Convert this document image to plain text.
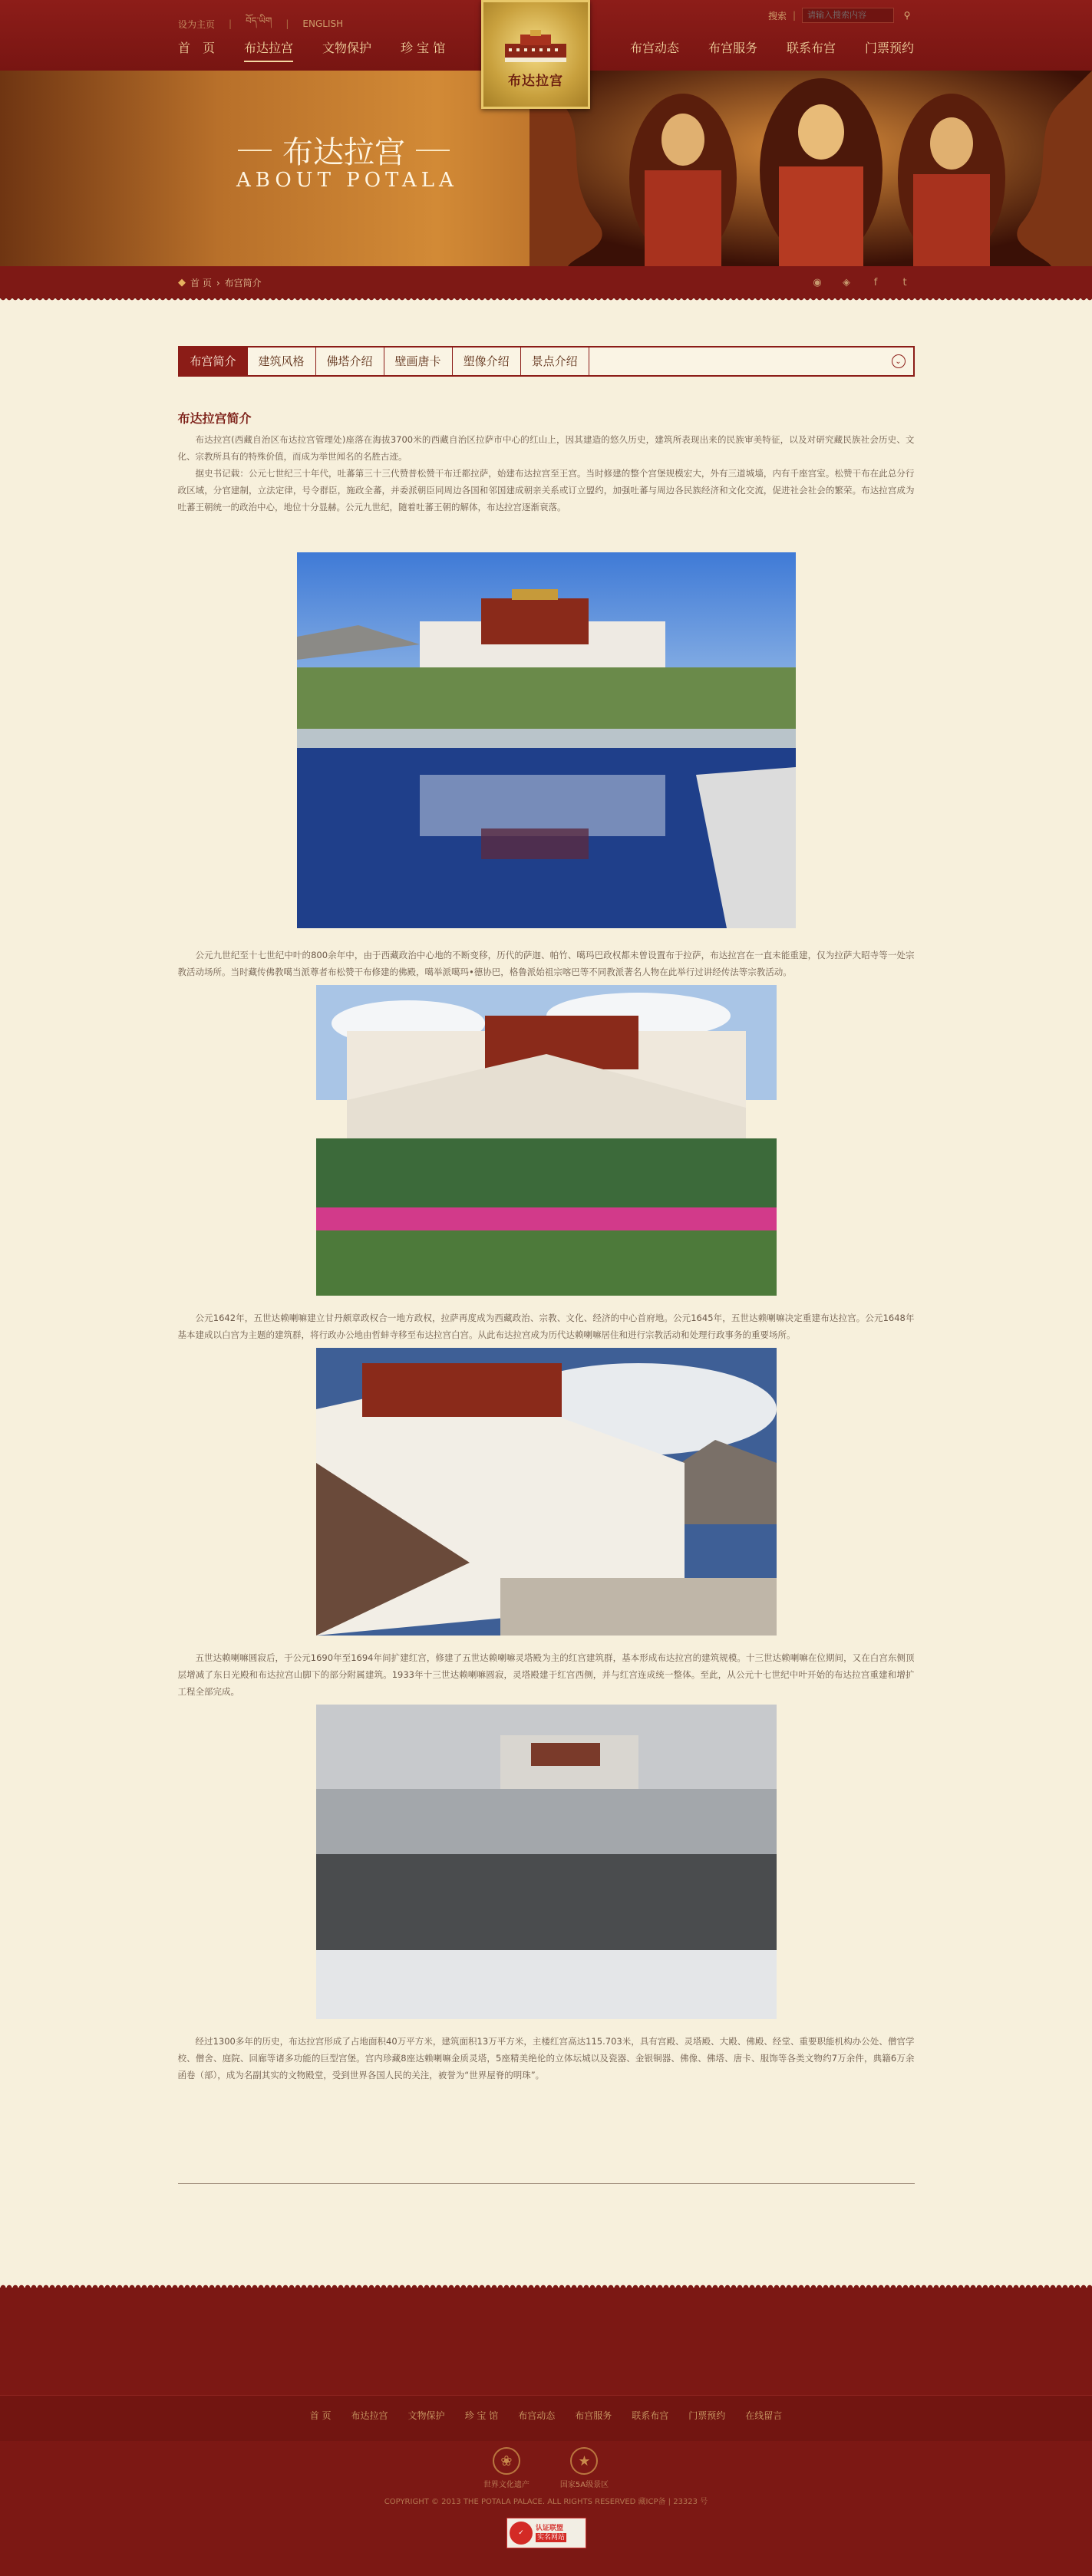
设为主页 | བོད་ཡིག | ENGLISH
搜索 |
请输入搜索内容	⚲
首　页 布达拉宫 文物保护 珍 宝 馆	布宫动态 布宫服务 联系布宫 门票预约
布达拉宫
布达拉宫
ABOUT POTALA
◆ 首 页 › 布宫简介	◉	◈	f	t
布宫简介	建筑风格	佛塔介绍	壁画唐卡	塑像介绍	景点介绍	⌄
布达拉宫简介

布达拉宫(西藏自治区布达拉宫管理处)座落在海拔3700米的西藏自治区拉萨市中心的红山上，因其建造的悠久历史，建筑所表现出来的民族审美特征，以及对研究藏民族社会历史、文化、宗教所具有的特殊价值，而成为举世闻名的名胜古迹。

据史书记载：公元七世纪三十年代，吐蕃第三十三代赞普松赞干布迁都拉萨，始建布达拉宫至王宫。当时修建的整个宫堡规模宏大，外有三道城墙，内有千座宫室。松赞干布在此总分行政区域，分官建制，立法定律，号令群臣，施政全蕃，并委派朝臣同周边各国和邻国建成朝亲关系或订立盟约，加强吐蕃与周边各民族经济和文化交流，促进社会社会的繁荣。布达拉宫成为吐蕃王朝统一的政治中心，地位十分显赫。公元九世纪，随着吐蕃王朝的解体，布达拉宫逐渐衰落。

公元九世纪至十七世纪中叶的800余年中，由于西藏政治中心地的不断变移，历代的萨迦、帕竹、噶玛巴政权都未曾设置布于拉萨，布达拉宫在一直未能重建，仅为拉萨大昭寺等一处宗教活动场所。当时藏传佛教噶当派尊者布松赞干布修建的佛殿，噶举派噶玛•德协巴，格鲁派始祖宗喀巴等不同教派著名人物在此举行过讲经传法等宗教活动。

公元1642年，五世达赖喇嘛建立甘丹颇章政权合一地方政权，拉萨再度成为西藏政治、宗教、文化、经济的中心首府地。公元1645年，五世达赖喇嘛决定重建布达拉宫。公元1648年基本建成以白宫为主题的建筑群，将行政办公地由哲蚌寺移至布达拉宫白宫。从此布达拉宫成为历代达赖喇嘛居住和进行宗教活动和处理行政事务的重要场所。

五世达赖喇嘛圆寂后，于公元1690年至1694年间扩建红宫，修建了五世达赖喇嘛灵塔殿为主的红宫建筑群，基本形成布达拉宫的建筑规模。十三世达赖喇嘛在位期间，又在白宫东侧顶层增减了东日光殿和布达拉宫山脚下的部分附属建筑。1933年十三世达赖喇嘛圆寂，灵塔殿建于红宫西侧，并与红宫连成统一整体。至此，从公元十七世纪中叶开始的布达拉宫重建和增扩工程全部完成。

经过1300多年的历史，布达拉宫形成了占地面积40万平方米，建筑面积13万平方米，主楼红宫高达115.703米，具有宫殿、灵塔殿、大殿、佛殿、经堂、重要职能机构办公处、僧官学校、僧舍、庭院、回廊等诸多功能的巨型宫堡。宫内珍藏8座达赖喇嘛金质灵塔，5座精美绝伦的立体坛城以及瓷器、金银铜器、佛像、佛塔、唐卡、服饰等各类文物约7万余件，典籍6万余函卷（部），成为名副其实的文物殿堂，受到世界各国人民的关注，被誉为“世界屋脊的明珠”。

首 页 布达拉宫 文物保护 珍 宝 馆 布宫动态 布宫服务 联系布宫 门票预约 在线留言
❀
世界文化遗产
★
国家5A级景区
COPYRIGHT © 2013 THE POTALA PALACE. ALL RIGHTS RESERVED 藏ICP备 | 23323 号
✓
认证联盟
实名网站
